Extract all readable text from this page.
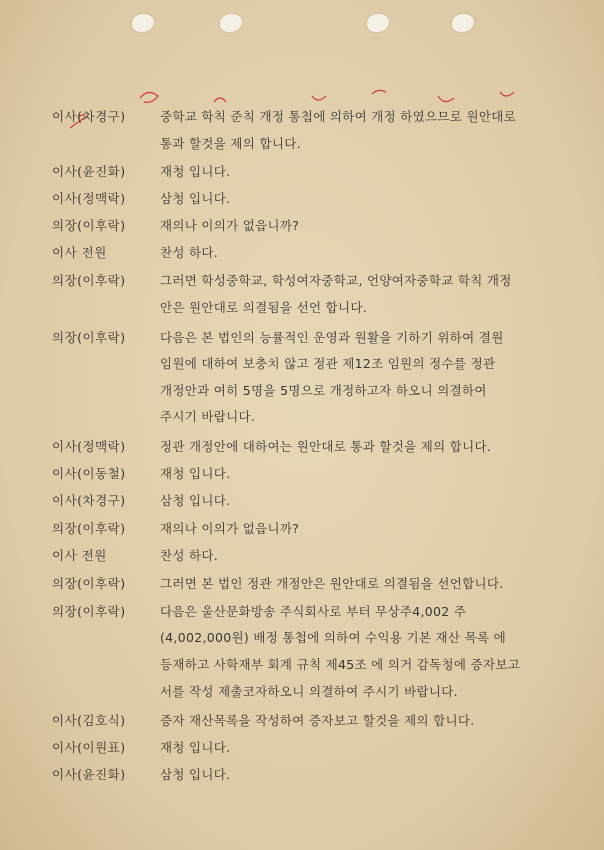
이사(차경구)	중학교 학칙 준칙 개정 통첩에 의하여 개정 하였으므로 원안대로
통과 할것을 제의 합니다.
이사(윤진화)	재청 입니다.
이사(정맥락)	삼청 입니다.
의장(이후락)	재의나 이의가 없읍니까?
이사 전원	찬성 하다.
의장(이후락)	그러면 학성중학교, 학성여자중학교, 언양여자중학교 학칙 개정
안은 원안대로 의결됨을 선언 합니다.
의장(이후락)	다음은 본 법인의 능률적인 운영과 원활을 기하기 위하여 결원
임원에 대하여 보충치 않고 정관 제12조 임원의 정수를 정관
개정안과 여히 5명을 5명으로 개정하고자 하오니 의결하여
주시기 바랍니다.
이사(정맥락)	정관 개정안에 대하여는 원안대로 통과 할것을 제의 합니다.
이사(이동철)	재청 입니다.
이사(차경구)	삼청 입니다.
의장(이후락)	재의나 이의가 없읍니까?
이사 전원	찬성 하다.
의장(이후락)	그러면 본 법인 정관 개정안은 원안대로 의결됨을 선언합니다.
의장(이후락)	다음은 울산문화방송 주식회사로 부터 무상주4,002 주
(4,002,000원) 배정 통첩에 의하여 수익용 기본 재산 목록 에
등재하고 사학재부 회계 규칙 제45조 에 의거 감독청에 증자보고
서를 작성 제출코자하오니 의결하여 주시기 바랍니다.
이사(김호식)	증자 재산목록을 작성하여 증자보고 할것을 제의 합니다.
이사(이원표)	재청 입니다.
이사(윤진화)	삼청 입니다.
